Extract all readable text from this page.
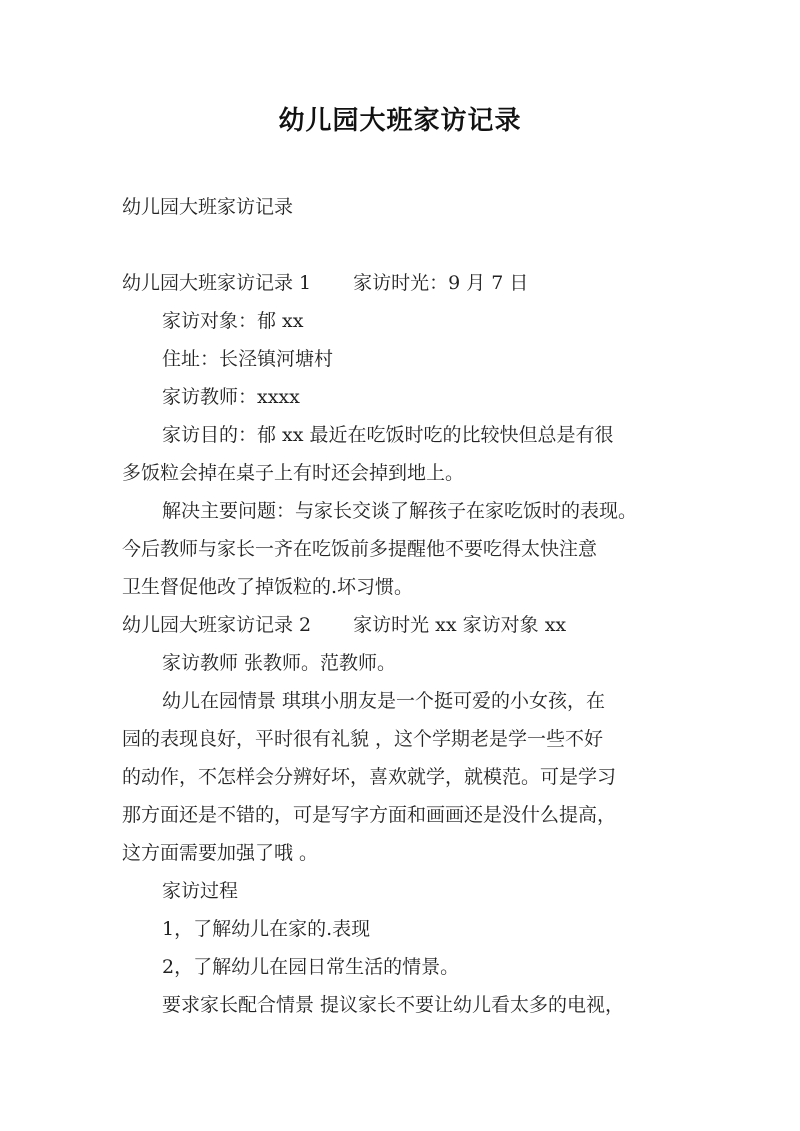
幼儿园大班家访记录
幼儿园大班家访记录
幼儿园大班家访记录 1 家访时光：9 月 7 日
家访对象：郁 xx
住址：长泾镇河塘村
家访教师：xxxx
家访目的：郁 xx 最近在吃饭时吃的比较快但总是有很
多饭粒会掉在桌子上有时还会掉到地上。
解决主要问题：与家长交谈了解孩子在家吃饭时的表现。
今后教师与家长一齐在吃饭前多提醒他不要吃得太快注意
卫生督促他改了掉饭粒的.坏习惯。
幼儿园大班家访记录 2 家访时光 xx 家访对象 xx
家访教师 张教师。范教师。
幼儿在园情景 琪琪小朋友是一个挺可爱的小女孩，在
园的表现良好，平时很有礼貌 ，这个学期老是学一些不好
的动作，不怎样会分辨好坏，喜欢就学，就模范。可是学习
那方面还是不错的，可是写字方面和画画还是没什么提高，
这方面需要加强了哦 。
家访过程
1，了解幼儿在家的.表现
2，了解幼儿在园日常生活的情景。
要求家长配合情景 提议家长不要让幼儿看太多的电视，
